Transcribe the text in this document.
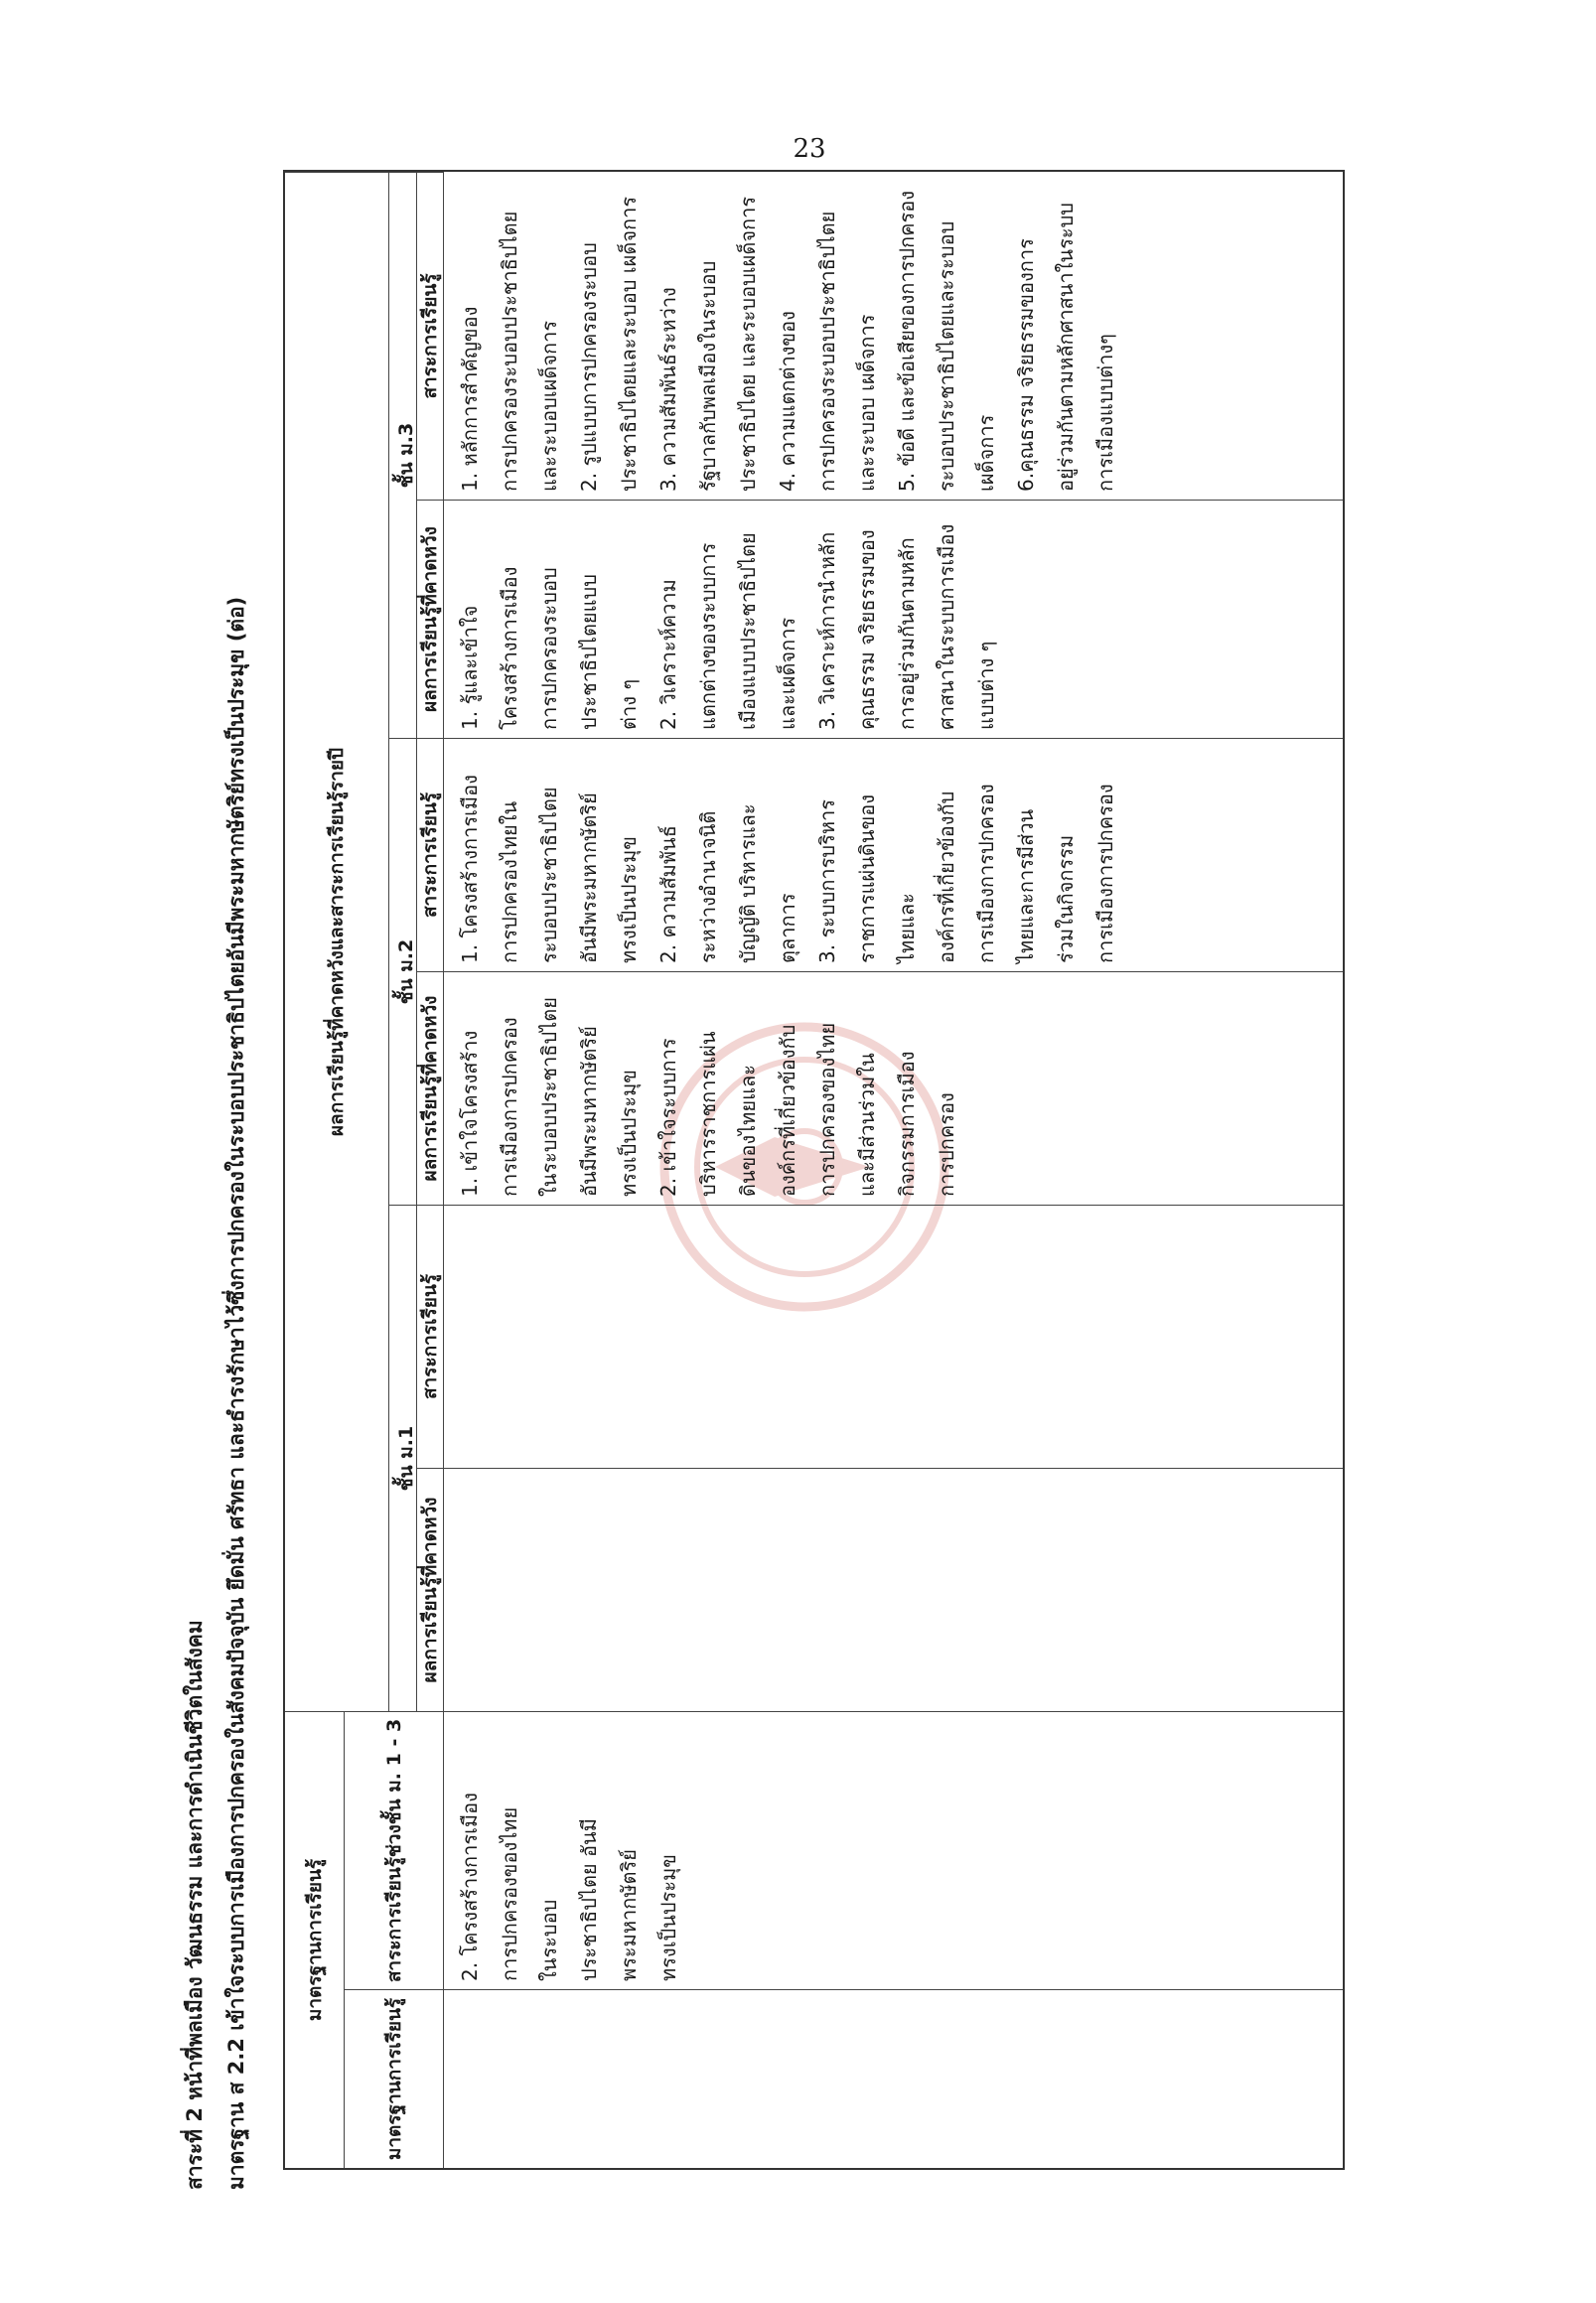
23
สาระที่ 2 หน้าที่พลเมือง วัฒนธรรม และการดำเนินชีวิตในสังคม มาตรฐาน ส 2.2 เข้าใจระบบการเมืองการปกครองในสังคมปัจจุบัน ยึดมั่น ศรัทธา และธำรงรักษาไว้ซึ่งการปกครองในระบอบประชาธิปไตยอันมีพระมหากษัตริย์ทรงเป็นประมุข (ต่อ)	มาตรฐานการเรียนรู้
ผลการเรียนรู้ที่คาดหวังและสาระการเรียนรู้รายปี
มาตรฐานการเรียนรู้
สาระการเรียนรู้ช่วงชั้น ม. 1 - 3
ชั้น ม.1
ชั้น ม.2
ชั้น ม.3
ผลการเรียนรู้ที่คาดหวัง
สาระการเรียนรู้
ผลการเรียนรู้ที่คาดหวัง
สาระการเรียนรู้
ผลการเรียนรู้ที่คาดหวัง
สาระการเรียนรู้
2. โครงสร้างการเมือง การปกครองของไทย ในระบอบ ประชาธิปไตย อันมี พระมหากษัตริย์ ทรงเป็นประมุข
1. เข้าใจโครงสร้าง การเมืองการปกครอง ในระบอบประชาธิปไตย อันมีพระมหากษัตริย์ ทรงเป็นประมุข 2. เข้าใจระบบการ บริหารราชการแผ่น ดินของไทยและ องค์กรที่เกี่ยวข้องกับ การปกครองของไทย และมีส่วนร่วมใน กิจกรรมการเมือง การปกครอง
1. โครงสร้างการเมือง การปกครองไทยใน ระบอบประชาธิปไตย อันมีพระมหากษัตริย์ ทรงเป็นประมุข 2. ความสัมพันธ์ ระหว่างอำนาจนิติ บัญญัติ บริหารและ ตุลาการ 3. ระบบการบริหาร ราชการแผ่นดินของ ไทยและ องค์กรที่เกี่ยวข้องกับ การเมืองการปกครอง ไทยและการมีส่วน ร่วมในกิจกรรม การเมืองการปกครอง
1. รู้และเข้าใจ โครงสร้างการเมือง การปกครองระบอบ ประชาธิปไตยแบบ ต่าง ๆ 2. วิเคราะห์ความ แตกต่างของระบบการ เมืองแบบประชาธิปไตย และเผด็จการ 3. วิเคราะห์การนำหลัก คุณธรรม จริยธรรมของ การอยู่ร่วมกันตามหลัก ศาสนาในระบบการเมือง แบบต่าง ๆ
1. หลักการสำคัญของ การปกครองระบอบประชาธิปไตย และระบอบเผด็จการ 2. รูปแบบการปกครองระบอบ ประชาธิปไตยและระบอบ เผด็จการ 3. ความสัมพันธ์ระหว่าง รัฐบาลกับพลเมืองในระบอบ ประชาธิปไตย และระบอบเผด็จการ 4. ความแตกต่างของ การปกครองระบอบประชาธิปไตย และระบอบ เผด็จการ 5. ข้อดี และข้อเสียของการปกครอง ระบอบประชาธิปไตยและระบอบ เผด็จการ 6.คุณธรรม จริยธรรมของการ อยู่ร่วมกันตามหลักศาสนาในระบบ การเมืองแบบต่างๆ
